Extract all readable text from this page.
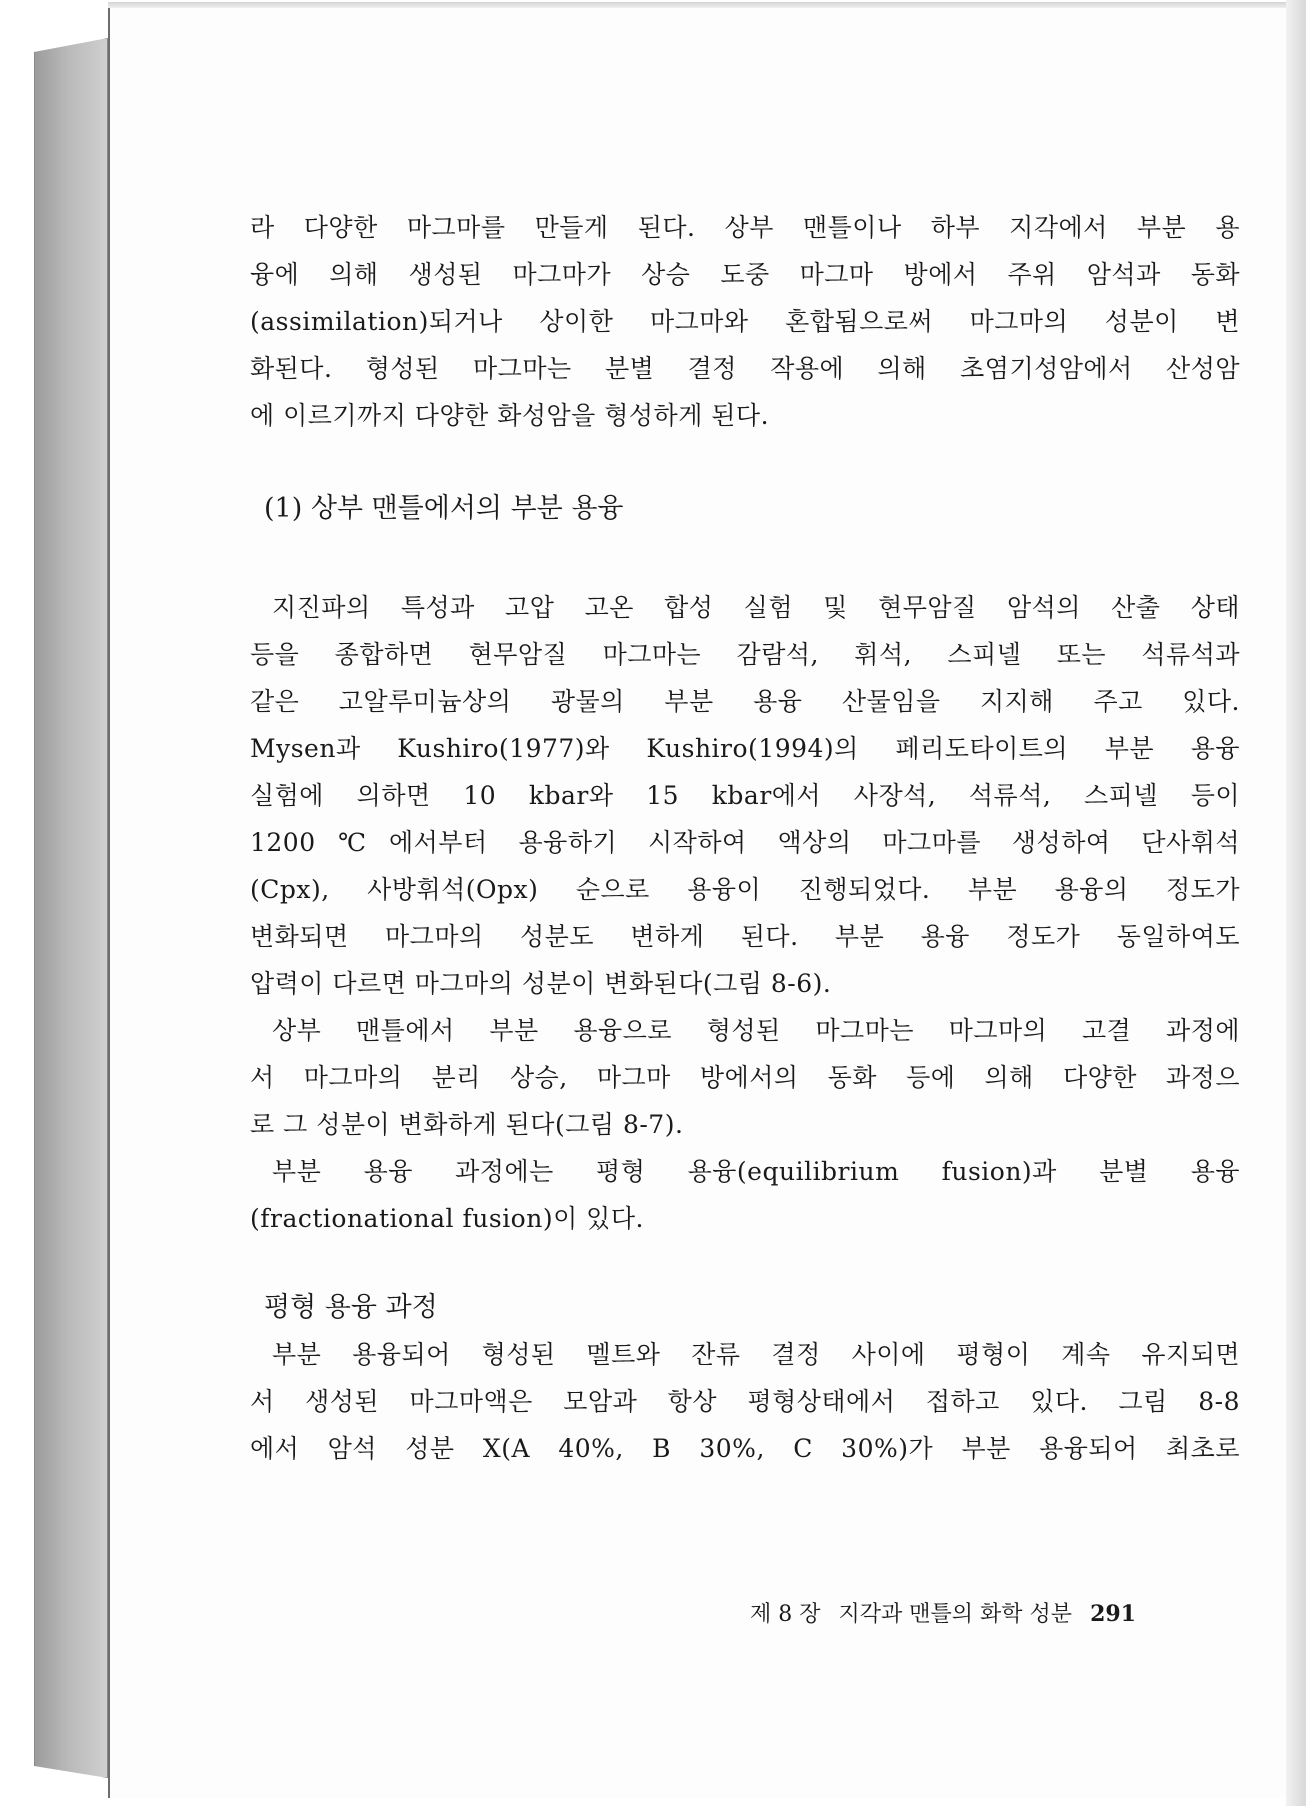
라 다양한 마그마를 만들게 된다. 상부 맨틀이나 하부 지각에서 부분 용
융에 의해 생성된 마그마가 상승 도중 마그마 방에서 주위 암석과 동화
(assimilation)되거나 상이한 마그마와 혼합됨으로써 마그마의 성분이 변
화된다. 형성된 마그마는 분별 결정 작용에 의해 초염기성암에서 산성암
에 이르기까지 다양한 화성암을 형성하게 된다.
(1) 상부 맨틀에서의 부분 용융
지진파의 특성과 고압 고온 합성 실험 및 현무암질 암석의 산출 상태
등을 종합하면 현무암질 마그마는 감람석, 휘석, 스피넬 또는 석류석과
같은 고알루미늄상의 광물의 부분 용융 산물임을 지지해 주고 있다.
Mysen과 Kushiro(1977)와 Kushiro(1994)의 페리도타이트의 부분 용융
실험에 의하면 10 kbar와 15 kbar에서 사장석, 석류석, 스피넬 등이
1200℃에서부터 용융하기 시작하여 액상의 마그마를 생성하여 단사휘석
(Cpx), 사방휘석(Opx) 순으로 용융이 진행되었다. 부분 용융의 정도가
변화되면 마그마의 성분도 변하게 된다. 부분 용융 정도가 동일하여도
압력이 다르면 마그마의 성분이 변화된다(그림 8-6).
상부 맨틀에서 부분 용융으로 형성된 마그마는 마그마의 고결 과정에
서 마그마의 분리 상승, 마그마 방에서의 동화 등에 의해 다양한 과정으
로 그 성분이 변화하게 된다(그림 8-7).
부분 용융 과정에는 평형 용융(equilibrium fusion)과 분별 용융
(fractionational fusion)이 있다.
평형 용융 과정
부분 용융되어 형성된 멜트와 잔류 결정 사이에 평형이 계속 유지되면
서 생성된 마그마액은 모암과 항상 평형상태에서 접하고 있다. 그림 8-8
에서 암석 성분 X(A 40%, B 30%, C 30%)가 부분 용융되어 최초로
제 8 장 지각과 맨틀의 화학 성분 291
